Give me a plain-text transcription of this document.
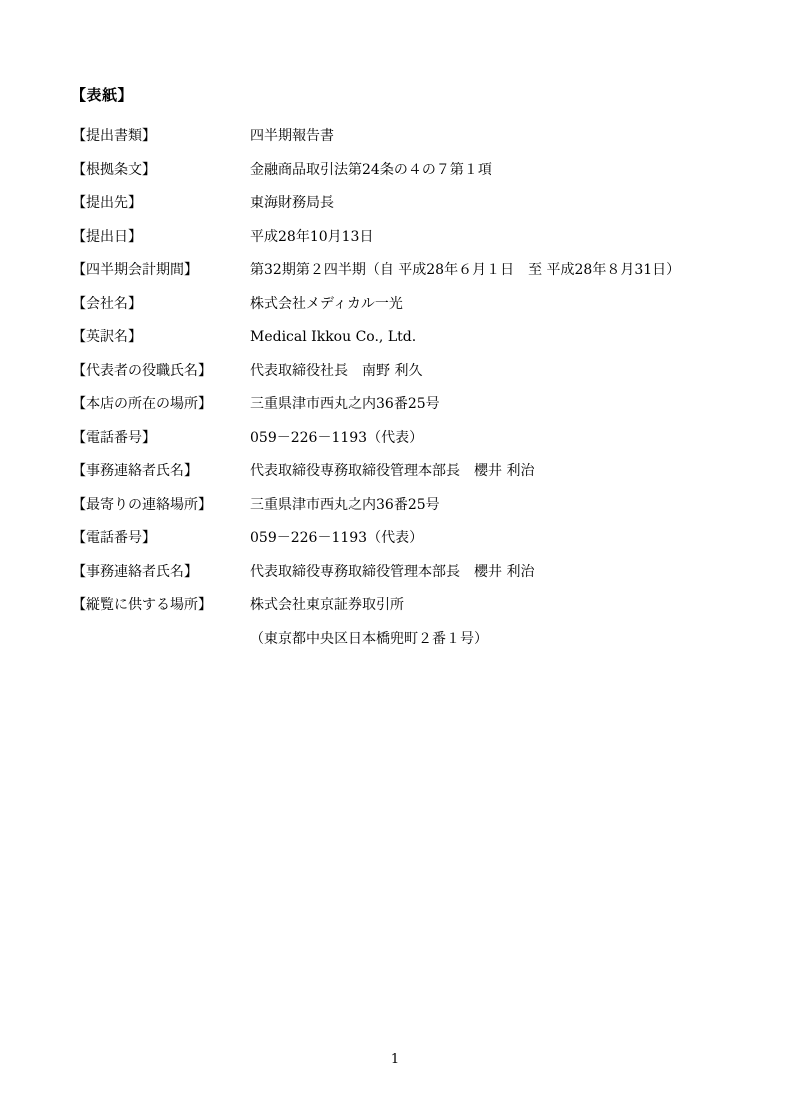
【表紙】
【提出書類】	四半期報告書
【根拠条文】	金融商品取引法第24条の４の７第１項
【提出先】	東海財務局長
【提出日】	平成28年10月13日
【四半期会計期間】	第32期第２四半期（自 平成28年６月１日　至 平成28年８月31日）
【会社名】	株式会社メディカル一光
【英訳名】	Medical Ikkou Co., Ltd.
【代表者の役職氏名】	代表取締役社長　南野 利久
【本店の所在の場所】	三重県津市西丸之内36番25号
【電話番号】	059－226－1193（代表）
【事務連絡者氏名】	代表取締役専務取締役管理本部長　櫻井 利治
【最寄りの連絡場所】	三重県津市西丸之内36番25号
【電話番号】	059－226－1193（代表）
【事務連絡者氏名】	代表取締役専務取締役管理本部長　櫻井 利治
【縦覧に供する場所】	株式会社東京証券取引所
（東京都中央区日本橋兜町２番１号）
1
